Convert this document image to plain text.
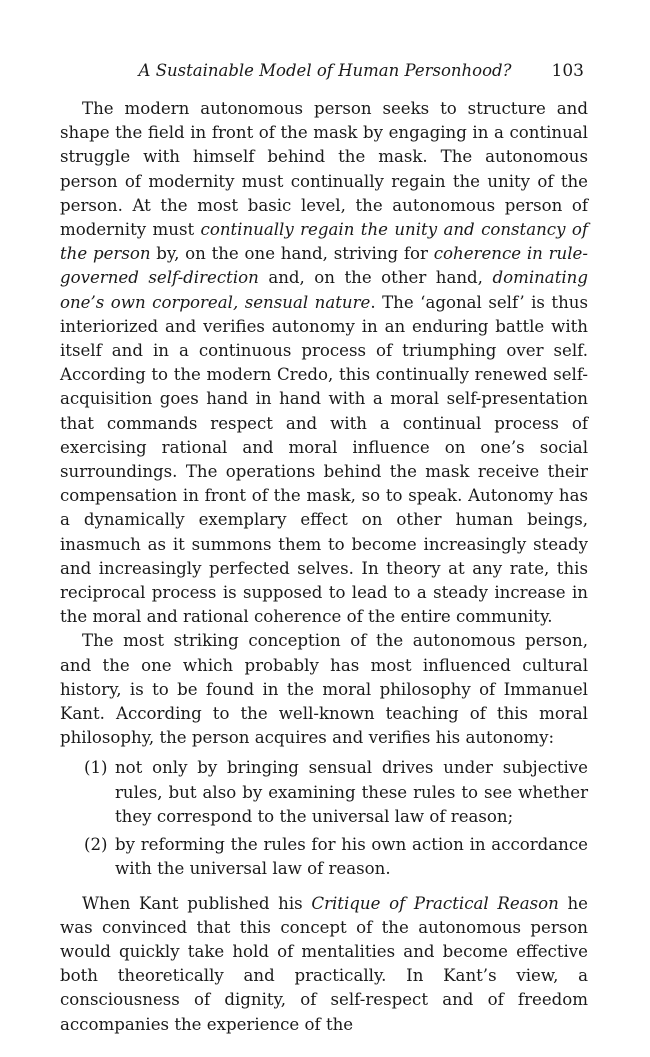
A Sustainable Model of Human Personhood?	103

The modern autonomous person seeks to structure and shape the field in front of the mask by engaging in a continual struggle with himself behind the mask. The autonomous person of modernity must continually regain the unity of the person. At the most basic level, the autonomous person of modernity must continually regain the unity and constancy of the person by, on the one hand, striving for coherence in rule-governed self-direction and, on the other hand, dominating one’s own corporeal, sensual nature. The ‘agonal self’ is thus interiorized and verifies autonomy in an enduring battle with itself and in a continuous process of triumphing over self. According to the modern Credo, this continually renewed self-acquisition goes hand in hand with a moral self-presentation that commands respect and with a continual process of exercising rational and moral influence on one’s social surroundings. The operations behind the mask receive their compensation in front of the mask, so to speak. Autonomy has a dynamically exemplary effect on other human beings, inasmuch as it summons them to become increasingly steady and increasingly perfected selves. In theory at any rate, this reciprocal process is supposed to lead to a steady increase in the moral and rational coherence of the entire community.

The most striking conception of the autonomous person, and the one which probably has most influenced cultural history, is to be found in the moral philosophy of Immanuel Kant. According to the well-known teaching of this moral philosophy, the person acquires and verifies his autonomy:

(1) not only by bringing sensual drives under subjective rules, but also by examining these rules to see whether they correspond to the universal law of reason;
(2) by reforming the rules for his own action in accordance with the universal law of reason.

When Kant published his Critique of Practical Reason he was convinced that this concept of the autonomous person would quickly take hold of mentalities and become effective both theoretically and practically. In Kant’s view, a consciousness of dignity, of self-respect and of freedom accompanies the experience of the
